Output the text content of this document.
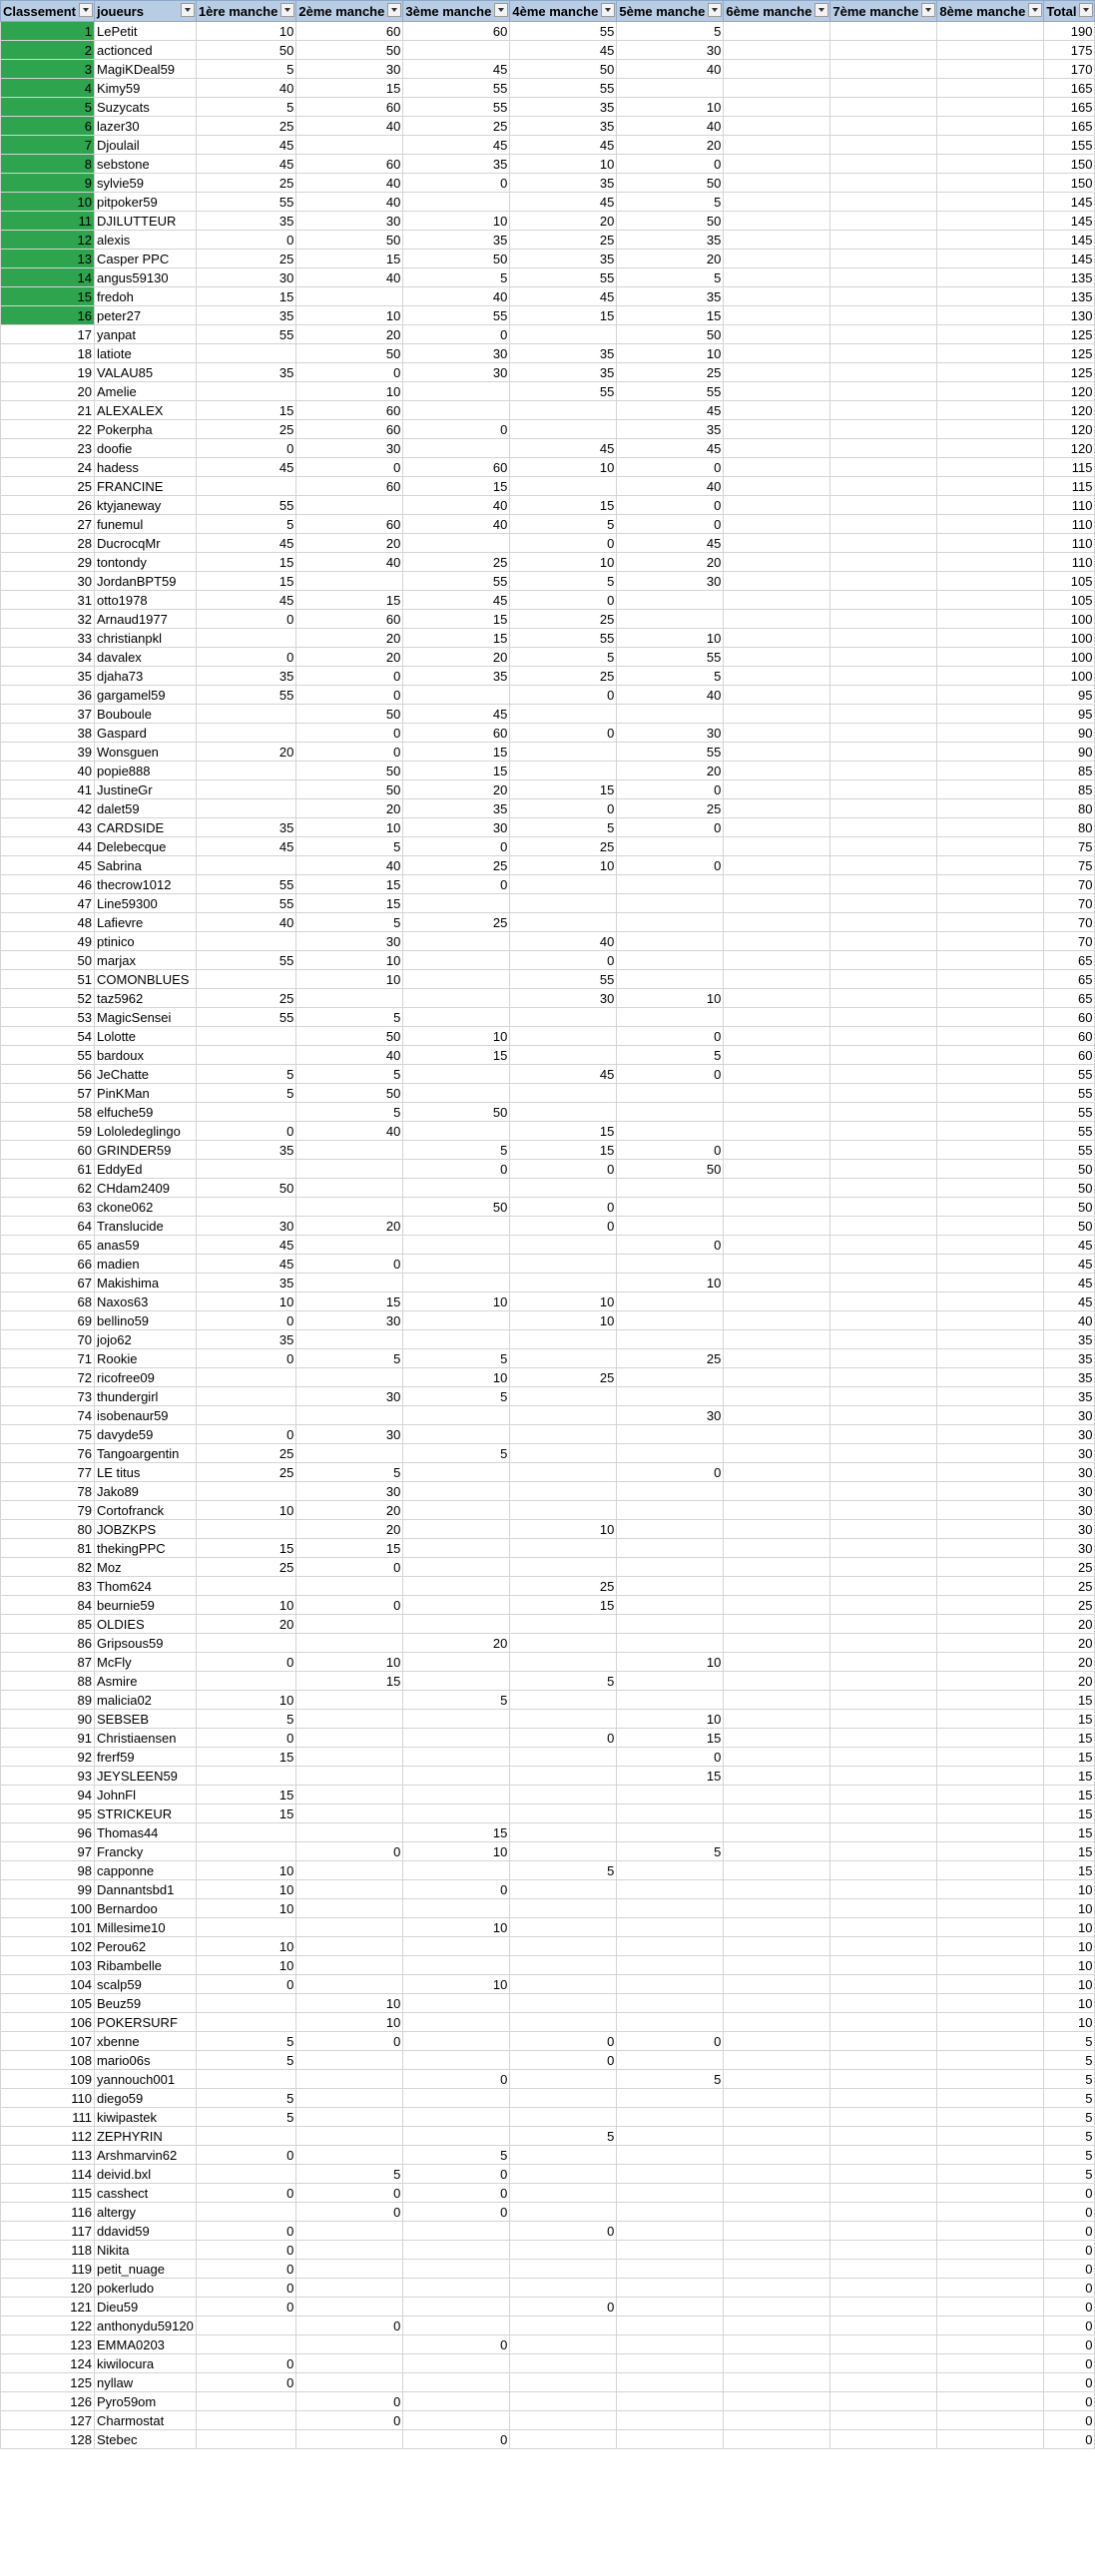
Classement	joueurs	1ère manche	2ème manche	3ème manche	4ème manche	5ème manche	6ème manche	7ème manche	8ème manche	Total

1	LePetit	10	60	60	55	5				190
2	actionced	50	50		45	30				175
3	MagiKDeal59	5	30	45	50	40				170
4	Kimy59	40	15	55	55					165
5	Suzycats	5	60	55	35	10				165
6	lazer30	25	40	25	35	40				165
7	Djoulail	45		45	45	20				155
8	sebstone	45	60	35	10	0				150
9	sylvie59	25	40	0	35	50				150
10	pitpoker59	55	40		45	5				145
11	DJILUTTEUR	35	30	10	20	50				145
12	alexis	0	50	35	25	35				145
13	Casper PPC	25	15	50	35	20				145
14	angus59130	30	40	5	55	5				135
15	fredoh	15		40	45	35				135
16	peter27	35	10	55	15	15				130
17	yanpat	55	20	0		50				125
18	latiote		50	30	35	10				125
19	VALAU85	35	0	30	35	25				125
20	Amelie		10		55	55				120
21	ALEXALEX	15	60			45				120
22	Pokerpha	25	60	0		35				120
23	doofie	0	30		45	45				120
24	hadess	45	0	60	10	0				115
25	FRANCINE		60	15		40				115
26	ktyjaneway	55		40	15	0				110
27	funemul	5	60	40	5	0				110
28	DucrocqMr	45	20		0	45				110
29	tontondy	15	40	25	10	20				110
30	JordanBPT59	15		55	5	30				105
31	otto1978	45	15	45	0					105
32	Arnaud1977	0	60	15	25					100
33	christianpkl		20	15	55	10				100
34	davalex	0	20	20	5	55				100
35	djaha73	35	0	35	25	5				100
36	gargamel59	55	0		0	40				95
37	Bouboule		50	45						95
38	Gaspard		0	60	0	30				90
39	Wonsguen	20	0	15		55				90
40	popie888		50	15		20				85
41	JustineGr		50	20	15	0				85
42	dalet59		20	35	0	25				80
43	CARDSIDE	35	10	30	5	0				80
44	Delebecque	45	5	0	25					75
45	Sabrina		40	25	10	0				75
46	thecrow1012	55	15	0						70
47	Line59300	55	15							70
48	Lafievre	40	5	25						70
49	ptinico		30		40					70
50	marjax	55	10		0					65
51	COMONBLUES		10		55					65
52	taz5962	25			30	10				65
53	MagicSensei	55	5							60
54	Lolotte		50	10		0				60
55	bardoux		40	15		5				60
56	JeChatte	5	5		45	0				55
57	PinKMan	5	50							55
58	elfuche59		5	50						55
59	Lololedeglingo	0	40		15					55
60	GRINDER59	35		5	15	0				55
61	EddyEd			0	0	50				50
62	CHdam2409	50								50
63	ckone062			50	0					50
64	Translucide	30	20		0					50
65	anas59	45				0				45
66	madien	45	0							45
67	Makishima	35				10				45
68	Naxos63	10	15	10	10					45
69	bellino59	0	30		10					40
70	jojo62	35								35
71	Rookie	0	5	5		25				35
72	ricofree09			10	25					35
73	thundergirl		30	5						35
74	isobenaur59					30				30
75	davyde59	0	30							30
76	Tangoargentin	25		5						30
77	LE titus	25	5			0				30
78	Jako89		30							30
79	Cortofranck	10	20							30
80	JOBZKPS		20		10					30
81	thekingPPC	15	15							30
82	Moz	25	0							25
83	Thom624				25					25
84	beurnie59	10	0		15					25
85	OLDIES	20								20
86	Gripsous59			20						20
87	McFly	0	10			10				20
88	Asmire		15		5					20
89	malicia02	10		5						15
90	SEBSEB	5				10				15
91	Christiaensen	0			0	15				15
92	frerf59	15				0				15
93	JEYSLEEN59					15				15
94	JohnFl	15								15
95	STRICKEUR	15								15
96	Thomas44			15						15
97	Francky		0	10		5				15
98	capponne	10			5					15
99	Dannantsbd1	10		0						10
100	Bernardoo	10								10
101	Millesime10			10						10
102	Perou62	10								10
103	Ribambelle	10								10
104	scalp59	0		10						10
105	Beuz59		10							10
106	POKERSURF		10							10
107	xbenne	5	0		0	0				5
108	mario06s	5			0					5
109	yannouch001			0		5				5
110	diego59	5								5
111	kiwipastek	5								5
112	ZEPHYRIN				5					5
113	Arshmarvin62	0		5						5
114	deivid.bxl		5	0						5
115	casshect	0	0	0						0
116	altergy		0	0						0
117	ddavid59	0			0					0
118	Nikita	0								0
119	petit_nuage	0								0
120	pokerludo	0								0
121	Dieu59	0			0					0
122	anthonydu59120		0							0
123	EMMA0203			0						0
124	kiwilocura	0								0
125	nyllaw	0								0
126	Pyro59om		0							0
127	Charmostat		0							0
128	Stebec			0						0
